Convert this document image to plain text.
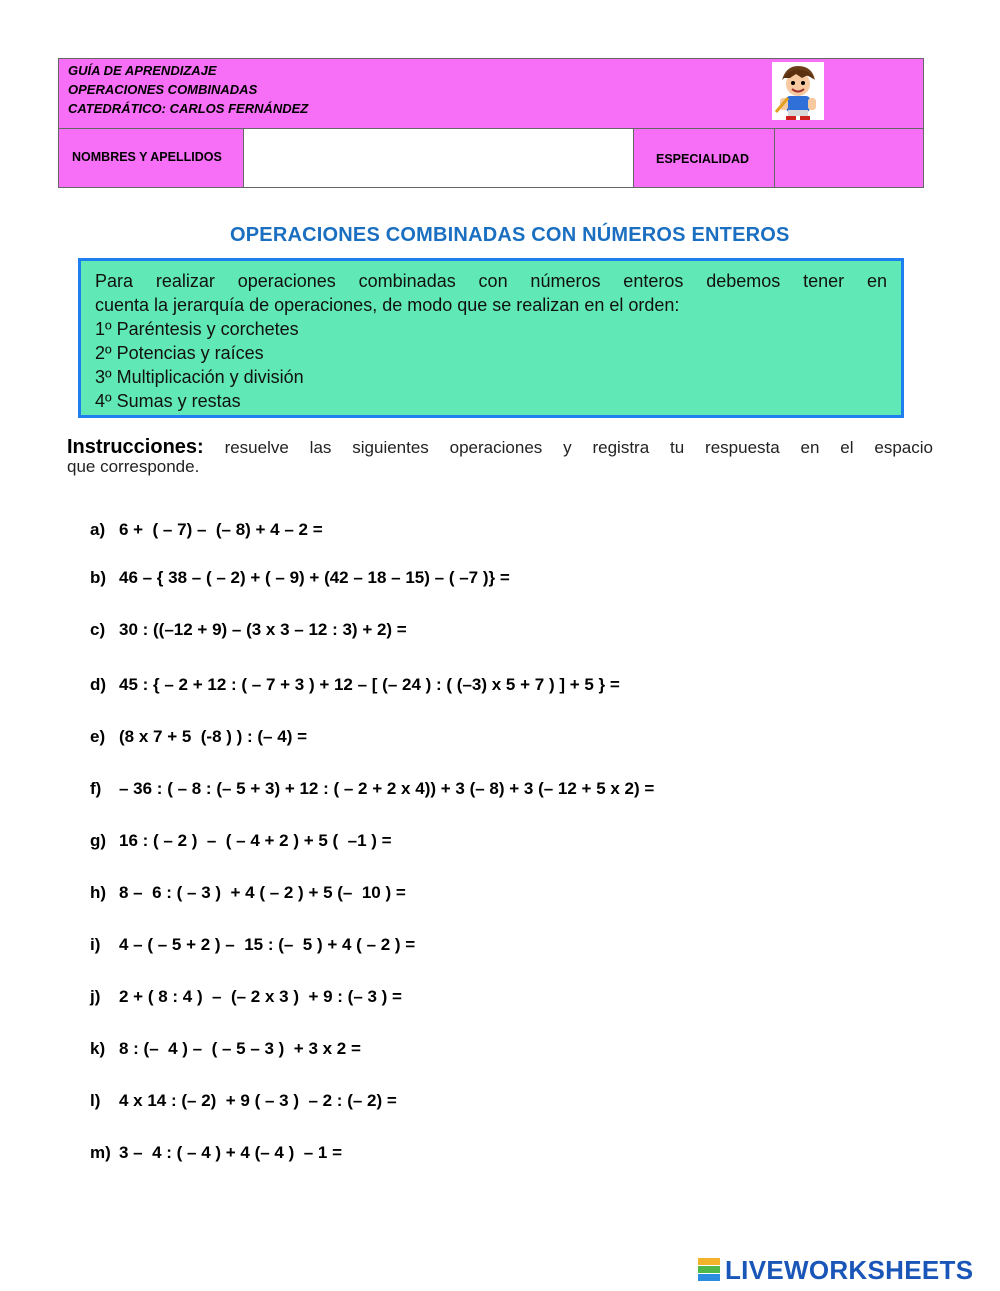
GUÍA DE APRENDIZAJE
OPERACIONES COMBINADAS
CATEDRÁTICO: CARLOS FERNÁNDEZ
NOMBRES Y APELLIDOS	ESPECIALIDAD
OPERACIONES COMBINADAS CON NÚMEROS ENTEROS

Para realizar operaciones combinadas con números enteros debemos tener en

cuenta la jerarquía de operaciones, de modo que se realizan en el orden:

1º Paréntesis y corchetes

2º Potencias y raíces

3º Multiplicación y división

4º Sumas y restas

Instrucciones: resuelve las siguientes operaciones y registra tu respuesta en el espacio
que corresponde.
a) 6 +  ( – 7) –  (– 8) + 4 – 2 =
b) 46 – { 38 – ( – 2) + ( – 9) + (42 – 18 – 15) – ( –7 )} =
c) 30 : ((–12 + 9) – (3 x 3 – 12 : 3) + 2) =
d) 45 : { – 2 + 12 : ( – 7 + 3 ) + 12 – [ (– 24 ) : ( (–3) x 5 + 7 ) ] + 5 } =
e) (8 x 7 + 5  (-8 ) ) : (– 4) =
f) – 36 : ( – 8 : (– 5 + 3) + 12 : ( – 2 + 2 x 4)) + 3 (– 8) + 3 (– 12 + 5 x 2) =
g) 16 : ( – 2 )  –  ( – 4 + 2 ) + 5 (  –1 ) =
h) 8 –  6 : ( – 3 )  + 4 ( – 2 ) + 5 (–  10 ) =
i) 4 – ( – 5 + 2 ) –  15 : (–  5 ) + 4 ( – 2 ) =
j) 2 + ( 8 : 4 )  –  (– 2 x 3 )  + 9 : (– 3 ) =
k) 8 : (–  4 ) –  ( – 5 – 3 )  + 3 x 2 =
l) 4 x 14 : (– 2)  + 9 ( – 3 )  – 2 : (– 2) =
m) 3 –  4 : ( – 4 ) + 4 (– 4 )  – 1 =
LIVEWORKSHEETS
